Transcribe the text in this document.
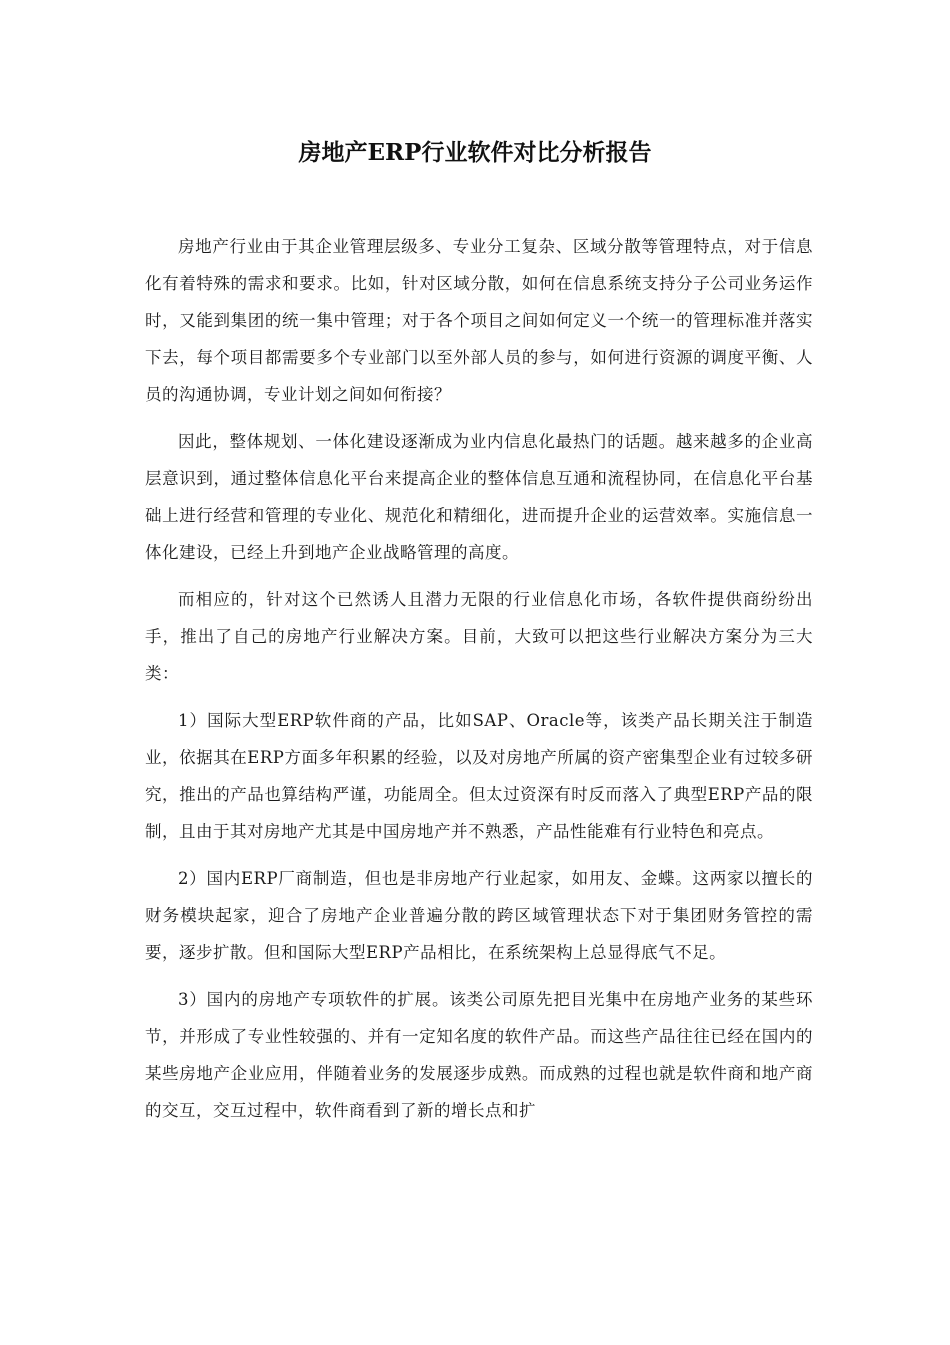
房地产ERP行业软件对比分析报告

房地产行业由于其企业管理层级多、专业分工复杂、区域分散等管理特点，对于信息化有着特殊的需求和要求。比如，针对区域分散，如何在信息系统支持分子公司业务运作时，又能到集团的统一集中管理；对于各个项目之间如何定义一个统一的管理标准并落实下去，每个项目都需要多个专业部门以至外部人员的参与，如何进行资源的调度平衡、人员的沟通协调，专业计划之间如何衔接？

因此，整体规划、一体化建设逐渐成为业内信息化最热门的话题。越来越多的企业高层意识到，通过整体信息化平台来提高企业的整体信息互通和流程协同，在信息化平台基础上进行经营和管理的专业化、规范化和精细化，进而提升企业的运营效率。实施信息一体化建设，已经上升到地产企业战略管理的高度。

而相应的，针对这个已然诱人且潜力无限的行业信息化市场，各软件提供商纷纷出手，推出了自己的房地产行业解决方案。目前，大致可以把这些行业解决方案分为三大类：

1）国际大型ERP软件商的产品，比如SAP、Oracle等，该类产品长期关注于制造业，依据其在ERP方面多年积累的经验，以及对房地产所属的资产密集型企业有过较多研究，推出的产品也算结构严谨，功能周全。但太过资深有时反而落入了典型ERP产品的限制，且由于其对房地产尤其是中国房地产并不熟悉，产品性能难有行业特色和亮点。

2）国内ERP厂商制造，但也是非房地产行业起家，如用友、金蝶。这两家以擅长的财务模块起家，迎合了房地产企业普遍分散的跨区域管理状态下对于集团财务管控的需要，逐步扩散。但和国际大型ERP产品相比，在系统架构上总显得底气不足。

3）国内的房地产专项软件的扩展。该类公司原先把目光集中在房地产业务的某些环节，并形成了专业性较强的、并有一定知名度的软件产品。而这些产品往往已经在国内的某些房地产企业应用，伴随着业务的发展逐步成熟。而成熟的过程也就是软件商和地产商的交互，交互过程中，软件商看到了新的增长点和扩
